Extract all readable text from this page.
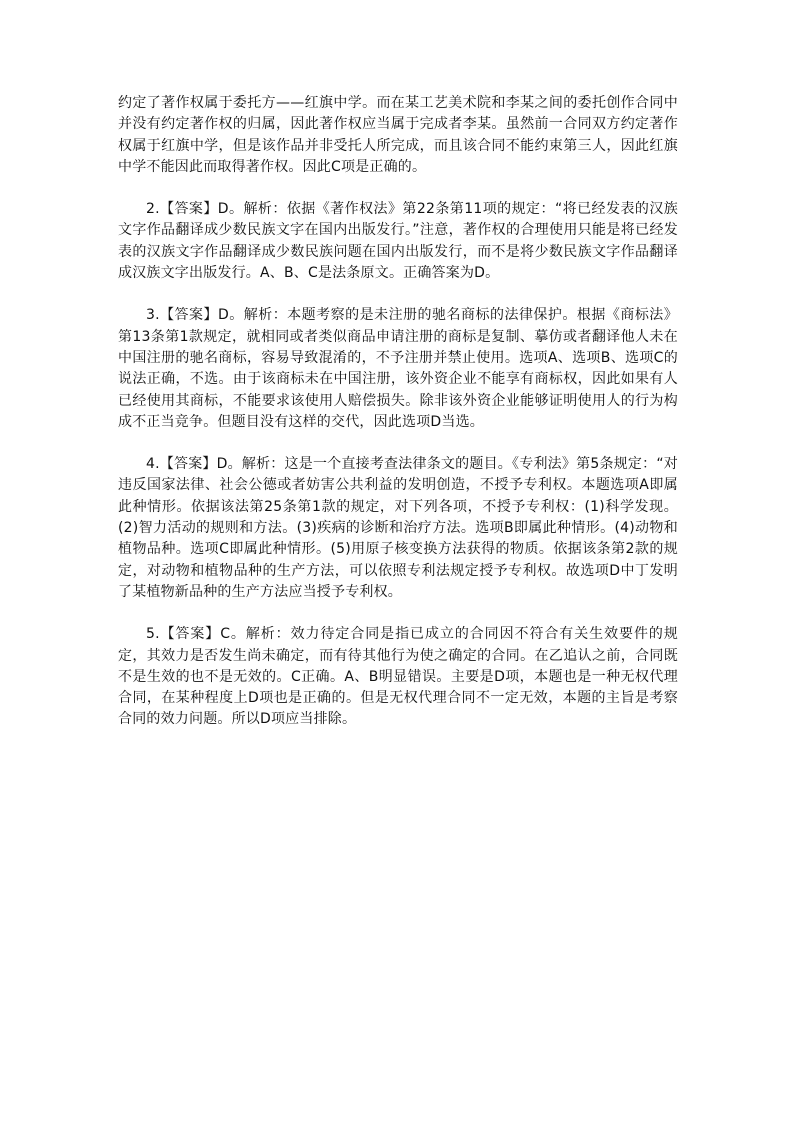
约定了著作权属于委托方——红旗中学。而在某工艺美术院和李某之间的委托创作合同中并没有约定著作权的归属，因此著作权应当属于完成者李某。虽然前一合同双方约定著作权属于红旗中学，但是该作品并非受托人所完成，而且该合同不能约束第三人，因此红旗中学不能因此而取得著作权。因此C项是正确的。

2.【答案】D。解析：依据《著作权法》第22条第11项的规定：“将已经发表的汉族文字作品翻译成少数民族文字在国内出版发行。”注意，著作权的合理使用只能是将已经发表的汉族文字作品翻译成少数民族问题在国内出版发行，而不是将少数民族文字作品翻译成汉族文字出版发行。A、B、C是法条原文。正确答案为D。

3.【答案】D。解析：本题考察的是未注册的驰名商标的法律保护。根据《商标法》第13条第1款规定，就相同或者类似商品申请注册的商标是复制、摹仿或者翻译他人未在中国注册的驰名商标，容易导致混淆的，不予注册并禁止使用。选项A、选项B、选项C的说法正确，不选。由于该商标未在中国注册，该外资企业不能享有商标权，因此如果有人已经使用其商标，不能要求该使用人赔偿损失。除非该外资企业能够证明使用人的行为构成不正当竞争。但题目没有这样的交代，因此选项D当选。

4.【答案】D。解析：这是一个直接考查法律条文的题目。《专利法》第5条规定：“对违反国家法律、社会公德或者妨害公共利益的发明创造，不授予专利权。本题选项A即属此种情形。依据该法第25条第1款的规定，对下列各项，不授予专利权：(1)科学发现。(2)智力活动的规则和方法。(3)疾病的诊断和治疗方法。选项B即属此种情形。(4)动物和植物品种。选项C即属此种情形。(5)用原子核变换方法获得的物质。依据该条第2款的规定，对动物和植物品种的生产方法，可以依照专利法规定授予专利权。故选项D中丁发明了某植物新品种的生产方法应当授予专利权。

5.【答案】C。解析：效力待定合同是指已成立的合同因不符合有关生效要件的规定，其效力是否发生尚未确定，而有待其他行为使之确定的合同。在乙追认之前，合同既不是生效的也不是无效的。C正确。A、B明显错误。主要是D项，本题也是一种无权代理合同，在某种程度上D项也是正确的。但是无权代理合同不一定无效，本题的主旨是考察合同的效力问题。所以D项应当排除。
